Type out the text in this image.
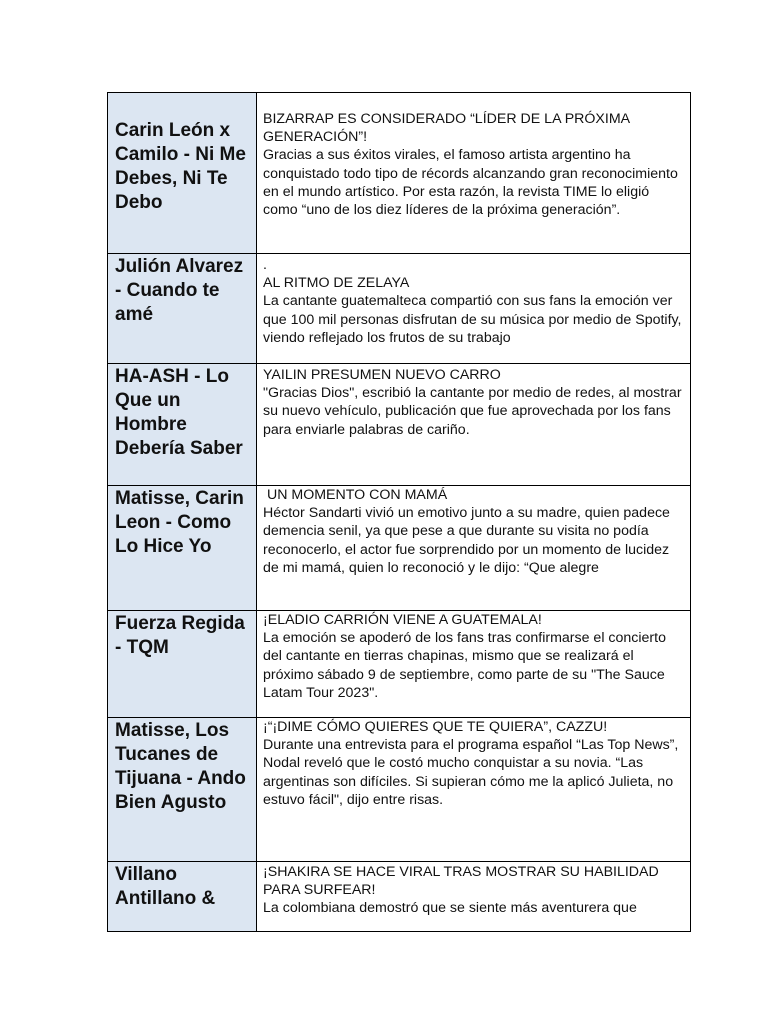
Carin León x Camilo - Ni Me Debes, Ni Te Debo	BIZARRAP ES CONSIDERADO “LÍDER DE LA PRÓXIMA GENERACIÓN”!
Gracias a sus éxitos virales, el famoso artista argentino ha conquistado todo tipo de récords alcanzando gran reconocimiento en el mundo artístico. Por esta razón, la revista TIME lo eligió como “uno de los diez líderes de la próxima generación”.

Julión Alvarez - Cuando te amé	.
AL RITMO DE ZELAYA
La cantante guatemalteca compartió con sus fans la emoción ver que 100 mil personas disfrutan de su música por medio de Spotify, viendo reflejado los frutos de su trabajo

HA-ASH - Lo Que un Hombre Debería Saber	YAILIN PRESUMEN NUEVO CARRO
"Gracias Dios", escribió la cantante por medio de redes, al mostrar su nuevo vehículo, publicación que fue aprovechada por los fans para enviarle palabras de cariño.

Matisse, Carin Leon - Como Lo Hice Yo	UN MOMENTO CON MAMÁ
Héctor Sandarti vivió un emotivo junto a su madre, quien padece demencia senil, ya que pese a que durante su visita no podía reconocerlo, el actor fue sorprendido por un momento de lucidez de mi mamá, quien lo reconoció y le dijo: “Que alegre

Fuerza Regida - TQM	¡ELADIO CARRIÓN VIENE A GUATEMALA!
La emoción se apoderó de los fans tras confirmarse el concierto del cantante en tierras chapinas, mismo que se realizará el próximo sábado 9 de septiembre, como parte de su "The Sauce Latam Tour 2023".

Matisse, Los Tucanes de Tijuana - Ando Bien Agusto	¡“¡DIME CÓMO QUIERES QUE TE QUIERA”, CAZZU!
Durante una entrevista para el programa español “Las Top News”, Nodal reveló que le costó mucho conquistar a su novia. “Las argentinas son difíciles. Si supieran cómo me la aplicó Julieta, no estuvo fácil", dijo entre risas.

Villano Antillano &	¡SHAKIRA SE HACE VIRAL TRAS MOSTRAR SU HABILIDAD PARA SURFEAR!
La colombiana demostró que se siente más aventurera que
